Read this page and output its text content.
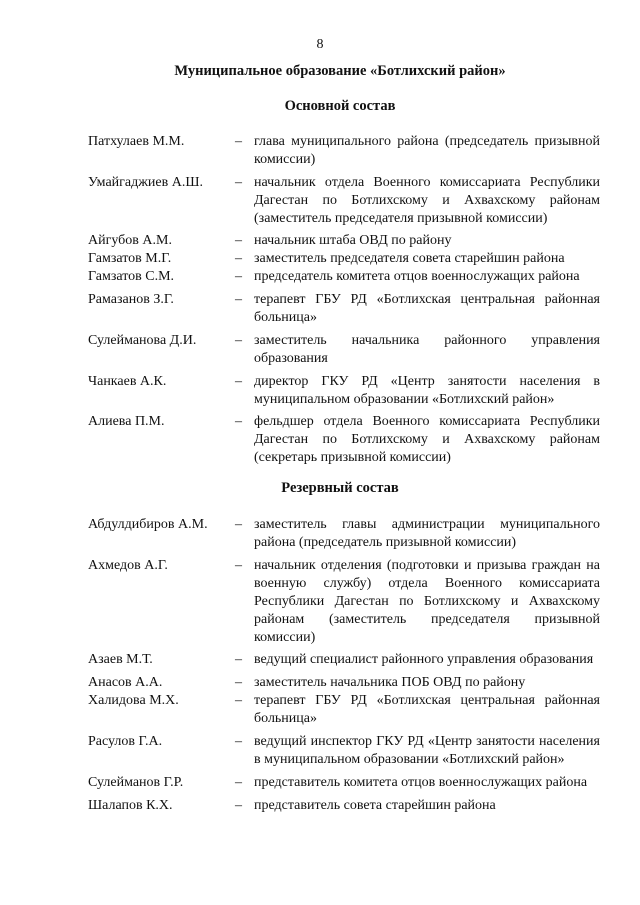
8
Муниципальное образование «Ботлихский район»
Основной состав
Патхулаев М.М.	– глава муниципального района (председатель призывной комиссии)
Умайгаджиев А.Ш.	– начальник отдела Военного комиссариата Республики Дагестан по Ботлихскому и Ахвахскому районам (заместитель председателя призывной комиссии)
Айгубов А.М.	– начальник штаба ОВД по району
Гамзатов М.Г.	– заместитель председателя совета старейшин района
Гамзатов С.М.	– председатель комитета отцов военнослужащих района
Рамазанов З.Г.	– терапевт ГБУ РД «Ботлихская центральная районная больница»
Сулейманова Д.И.	– заместитель начальника районного управления образования
Чанкаев А.К.	– директор ГКУ РД «Центр занятости населения в муниципальном образовании «Ботлихский район»
Алиева П.М.	– фельдшер отдела Военного комиссариата Республики Дагестан по Ботлихскому и Ахвахскому районам (секретарь призывной комиссии)
Резервный состав
Абдулдибиров А.М.	– заместитель главы администрации муниципального района (председатель призывной комиссии)
Ахмедов А.Г.	– начальник отделения (подготовки и призыва граждан на военную службу) отдела Военного комиссариата Республики Дагестан по Ботлихскому и Ахвахскому районам (заместитель председателя призывной комиссии)
Азаев М.Т.	– ведущий специалист районного управления образования
Анасов А.А.	– заместитель начальника ПОБ ОВД по району
Халидова М.Х.	– терапевт ГБУ РД «Ботлихская центральная районная больница»
Расулов Г.А.	– ведущий инспектор ГКУ РД «Центр занятости населения в муниципальном образовании «Ботлихский район»
Сулейманов Г.Р.	– представитель комитета отцов военнослужащих района
Шалапов К.Х.	– представитель совета старейшин района
